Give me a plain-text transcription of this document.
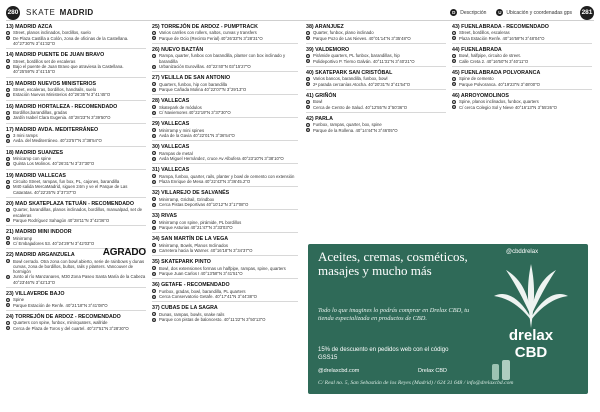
280 SKATE MADRID	D Descripción	U Ubicación y coordenadas gps 281
13) MADRID AZCA
D Street, planos inclinados, bordillos, suelo
U De Plaza Castilla a Colón, zona de oficinas de la Castellana. 40°27'30"N 3°41'32"O
14) MADRID PUENTE DE JUAN BRAVO
D Street, bordillos set de escaleras
U Bajo el puente de Juan Bravo que atraviesa la Castellana. 40°25'59"N 3°41'15"O
15) MADRID NUEVOS MINISTERIOS
D Street, escaleras, bordillos, handrails, suelo
U Estación Nuevos Ministerios 40°26'35"N 3°41'45"O
16) MADRID HORTALEZA - RECOMENDADO
D Bordillos,barandillas, gradas
U Jardín Isabel Clara Eugenia. 40°28'23"N 3°39'50"O
17) MADRID AVDA. MEDITERRÁNEO
D 3 mini ramps
U Avda. del Mediterráneo. 40°23'57"N 3°38'54"O
18) MADRID SUANZES
D Minicamp con spine
U Quinta Los Molinos. 40°26'31"N 3°37'30"O
19) MADRID VALLECAS
D Circuito Street, rampas, fun box, PL, cajones, barandilla
U M40 salida MercaMadrid, siguen 24m y ve el Parque de Las Cataratas. 40°22'25"N 3°37'37"O
20) MAD SKATEPLAZA TETUÁN - RECOMENDADO
D Quarter, barandillas, planos inclinados, bordillos, manualpad, set de escaleras
U Parque Rodríguez Sahagún 40°28'11"N 3°42'36"O
21) MADRID MINI INDOOR
D Minirramp
U C/ Embajadores 53. 40°24'29"N 3°42'03"O
22) MADRID ARGANZUELA	AGRADO
D Bowl cerrado. Otra zona con bowl abierto, serie de rainbows y dunas curvas, zona de bordillos, bultos, rails y planters. Vancouver de hormigón
U Junto al río Manzanares, M30 Zona Paseo Santa María de la Cabeza 40°23'46"N 3°42'13"O
23) VILLAVERDE BAJO
D Spine
U Parque Estación de Renfe. 40°21'18"N 3°41'08"O
24) TORREJÓN DE ARDOZ - RECOMENDADO
D Quarters con spine, funbox, minirquaters, wallride
U Cerca de Plaza de Toros y del cuartel. 40°27'51"N 3°28'30"O
25) TORREJÓN DE ARDOZ - PUMPTRACK
D Varios carriles con rollers, saltos, curvas y transfers
U Parque de Ocio (Recinto Ferial) 40°26'33"N 3°28'31"O
26) NUEVO BAZTÁN
D Rampa, quarter, funbox con barandilla, planter con box inclinado y barandilla
U Urbanización Eurovillas. 40°22'40"N 03°15'27"O
27) VELILLA DE SAN ANTONIO
D Quarters, funbox, hip con barandilla
U Parque Cañada Molina 40°22'07"N 3°29'13"O
28) VALLECAS
D Skatepark de módulos
U C/ Naviemores 40°22'19"N 3°37'30"O
29) VALLECAS
D Minirramp y mini spines
U Avda de la Gavia 40°22'01"N 3°36'54"O
30) VALLECAS
D Rampas de metal
U Avda Miguel Hernández, cruce Av Albufera 40°23'10"N 3°38'10"O
31) VALLECAS
D Rampa, funbox, quarter, rails, planter y bowl de cemento con extensión
U Plaza Enrique de Mesa 40°22'43"N 3°36'45.2"O
32) VILLAREJO DE SALVANÉS
D Minirramp, Gridrail, Grindbox
U Cerca Pistas Deportivas 40°10'12"N 3°17'08"O
33) RIVAS
D Minirramp con spine, pirámide, PL bordillos
U Parque Asturias 40°21'47"N 3°33'03"O
34) SAN MARTÍN DE LA VEGA
D Minirramp, Bowls, Planos Inclinados
U Carretera hacia la Warner. 40°16'18"N 3°34'37"O
35) SKATEPARK PINTO
D Bowl, dos extensiones formas un halfpipe, rampas, spine, quarters
U Parque Juan Carlos I 40°13'58"N 3°41'51"O
36) GETAFE - RECOMENDADO
D Funbox, gradas, bowl, barandilla, PL quarters
U Cerca Conservatorio Getafe. 40°17'41"N 3°44'38"O
37) CUBAS DE LA SAGRA
D Dunas, rampas, bowls, snake rails
U Parque con pistas de baloncesto. 40°11'22"N 3°50'13"O
38) ARANJUEZ
D Quarter, funbox, plano inclinado
U Parque Pozo de Las Nieves. 40°01'14"N 3°35'48"O
39) VALDEMORO
D Pirámide quarters, PL funbox, barandillas, hip
U Polideportivo P. Tierno Galván. 40°11'31"N 3°40'21"O
40) SKATEPARK SAN CRISTÓBAL
D Varios bancos, barandilla, funbox, bowl
U 2ª parada cercanías Atocha. 40°20'31"N 3°41'54"O
41) GRIÑÓN
D Bowl
U Cerca de Centro de Salud. 40°12'55"N 3°50'36"O
42) PARLA
D Funbox, rampas, quarter, box, spine
U Parque de la Rollena. 40°14'44"N 3°46'05"O
43) FUENLABRADA - RECOMENDADO
D Street, bordillos, escaleras
U Plaza Estación Renfe. 40°16'59"N 3°48'04"O
44) FUENLABRADA
D Bowl, halfpipe, circuito de street.
U Calle Creta 2. 40°16'50"N 3°40'11"O
45) FUENLABRADA POLVORANCA
D Spine de cemento
U Parque Polvoranca. 40°19'23"N 3°48'00"O
46) ARROYOMOLINOS
D Spine, planos inclinados, funbox, quarters
U C/ cerca Colegio Sol y Nieve 40°16'13"N 3°55'26"O
@cbddrelax
Aceites, cremas, cosméticos, masajes y mucho más
Todo lo que imagines lo podrás comprar en Drelax CBD, tu tienda especializada en productos de CBD.
15% de descuento en pedidos web con el código GSS15
@drelaxcbd.com
drelax
CBD
Drelax CBD
C/ Real no. 5, San Sebastián de los Reyes (Madrid) / 624 31 648 / info@drelaxcbd.com
